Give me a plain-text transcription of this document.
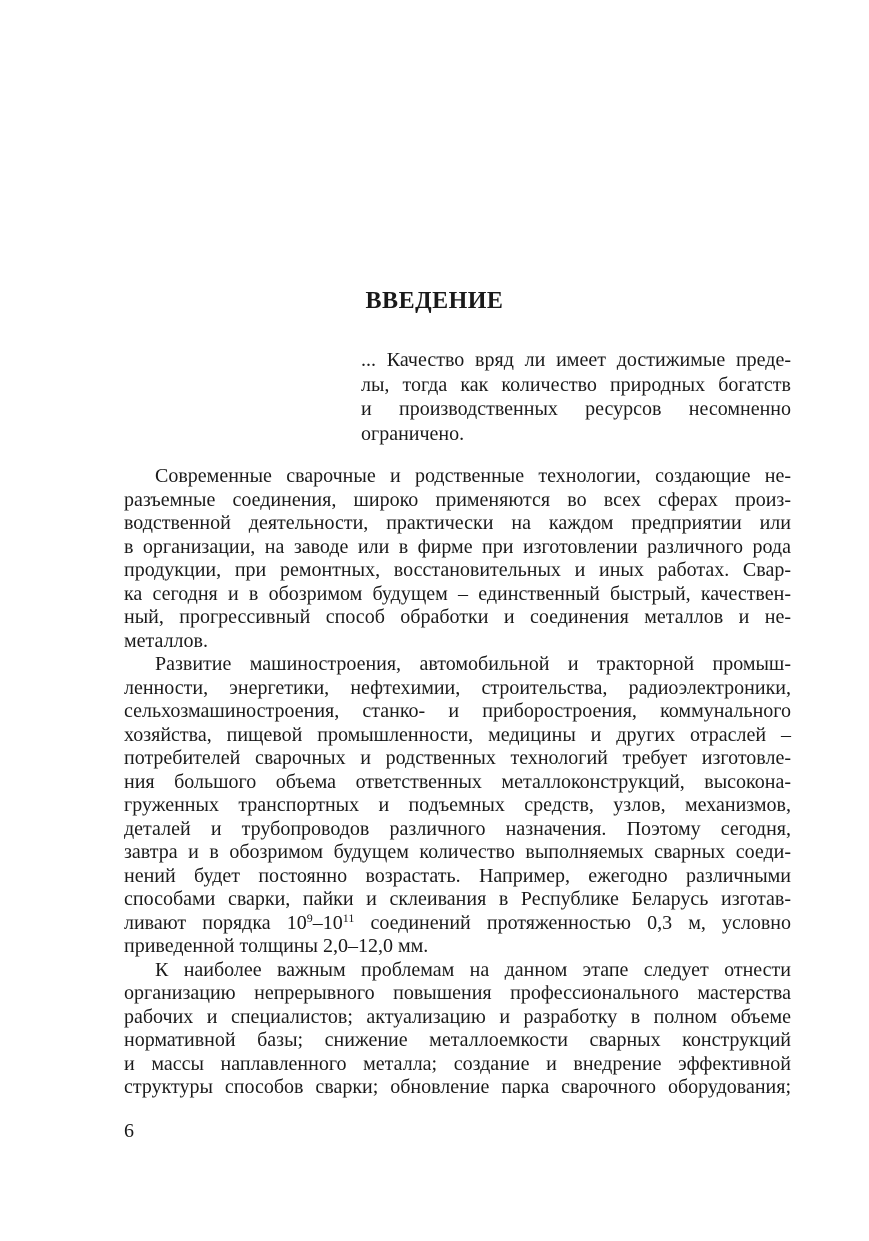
ВВЕДЕНИЕ
... Качество вряд ли имеет достижимые преде-
лы, тогда как количество природных богатств
и производственных ресурсов несомненно
ограничено.
Современные сварочные и родственные технологии, создающие не-
разъемные соединения, широко применяются во всех сферах произ-
водственной деятельности, практически на каждом предприятии или
в организации, на заводе или в фирме при изготовлении различного рода
продукции, при ремонтных, восстановительных и иных работах. Свар-
ка сегодня и в обозримом будущем – единственный быстрый, качествен-
ный, прогрессивный способ обработки и соединения металлов и не-
металлов.
Развитие машиностроения, автомобильной и тракторной промыш-
ленности, энергетики, нефтехимии, строительства, радиоэлектроники,
сельхозмашиностроения, станко- и приборостроения, коммунального
хозяйства, пищевой промышленности, медицины и других отраслей –
потребителей сварочных и родственных технологий требует изготовле-
ния большого объема ответственных металлоконструкций, высокона-
груженных транспортных и подъемных средств, узлов, механизмов,
деталей и трубопроводов различного назначения. Поэтому сегодня,
завтра и в обозримом будущем количество выполняемых сварных соеди-
нений будет постоянно возрастать. Например, ежегодно различными
способами сварки, пайки и склеивания в Республике Беларусь изготав-
ливают порядка $10^9-10^{11}$ соединений протяженностью 0,3 м, условно
приведенной толщины 2,0–12,0 мм.
К наиболее важным проблемам на данном этапе следует отнести
организацию непрерывного повышения профессионального мастерства
рабочих и специалистов; актуализацию и разработку в полном объеме
нормативной базы; снижение металлоемкости сварных конструкций
и массы наплавленного металла; создание и внедрение эффективной
структуры способов сварки; обновление парка сварочного оборудования;

6
